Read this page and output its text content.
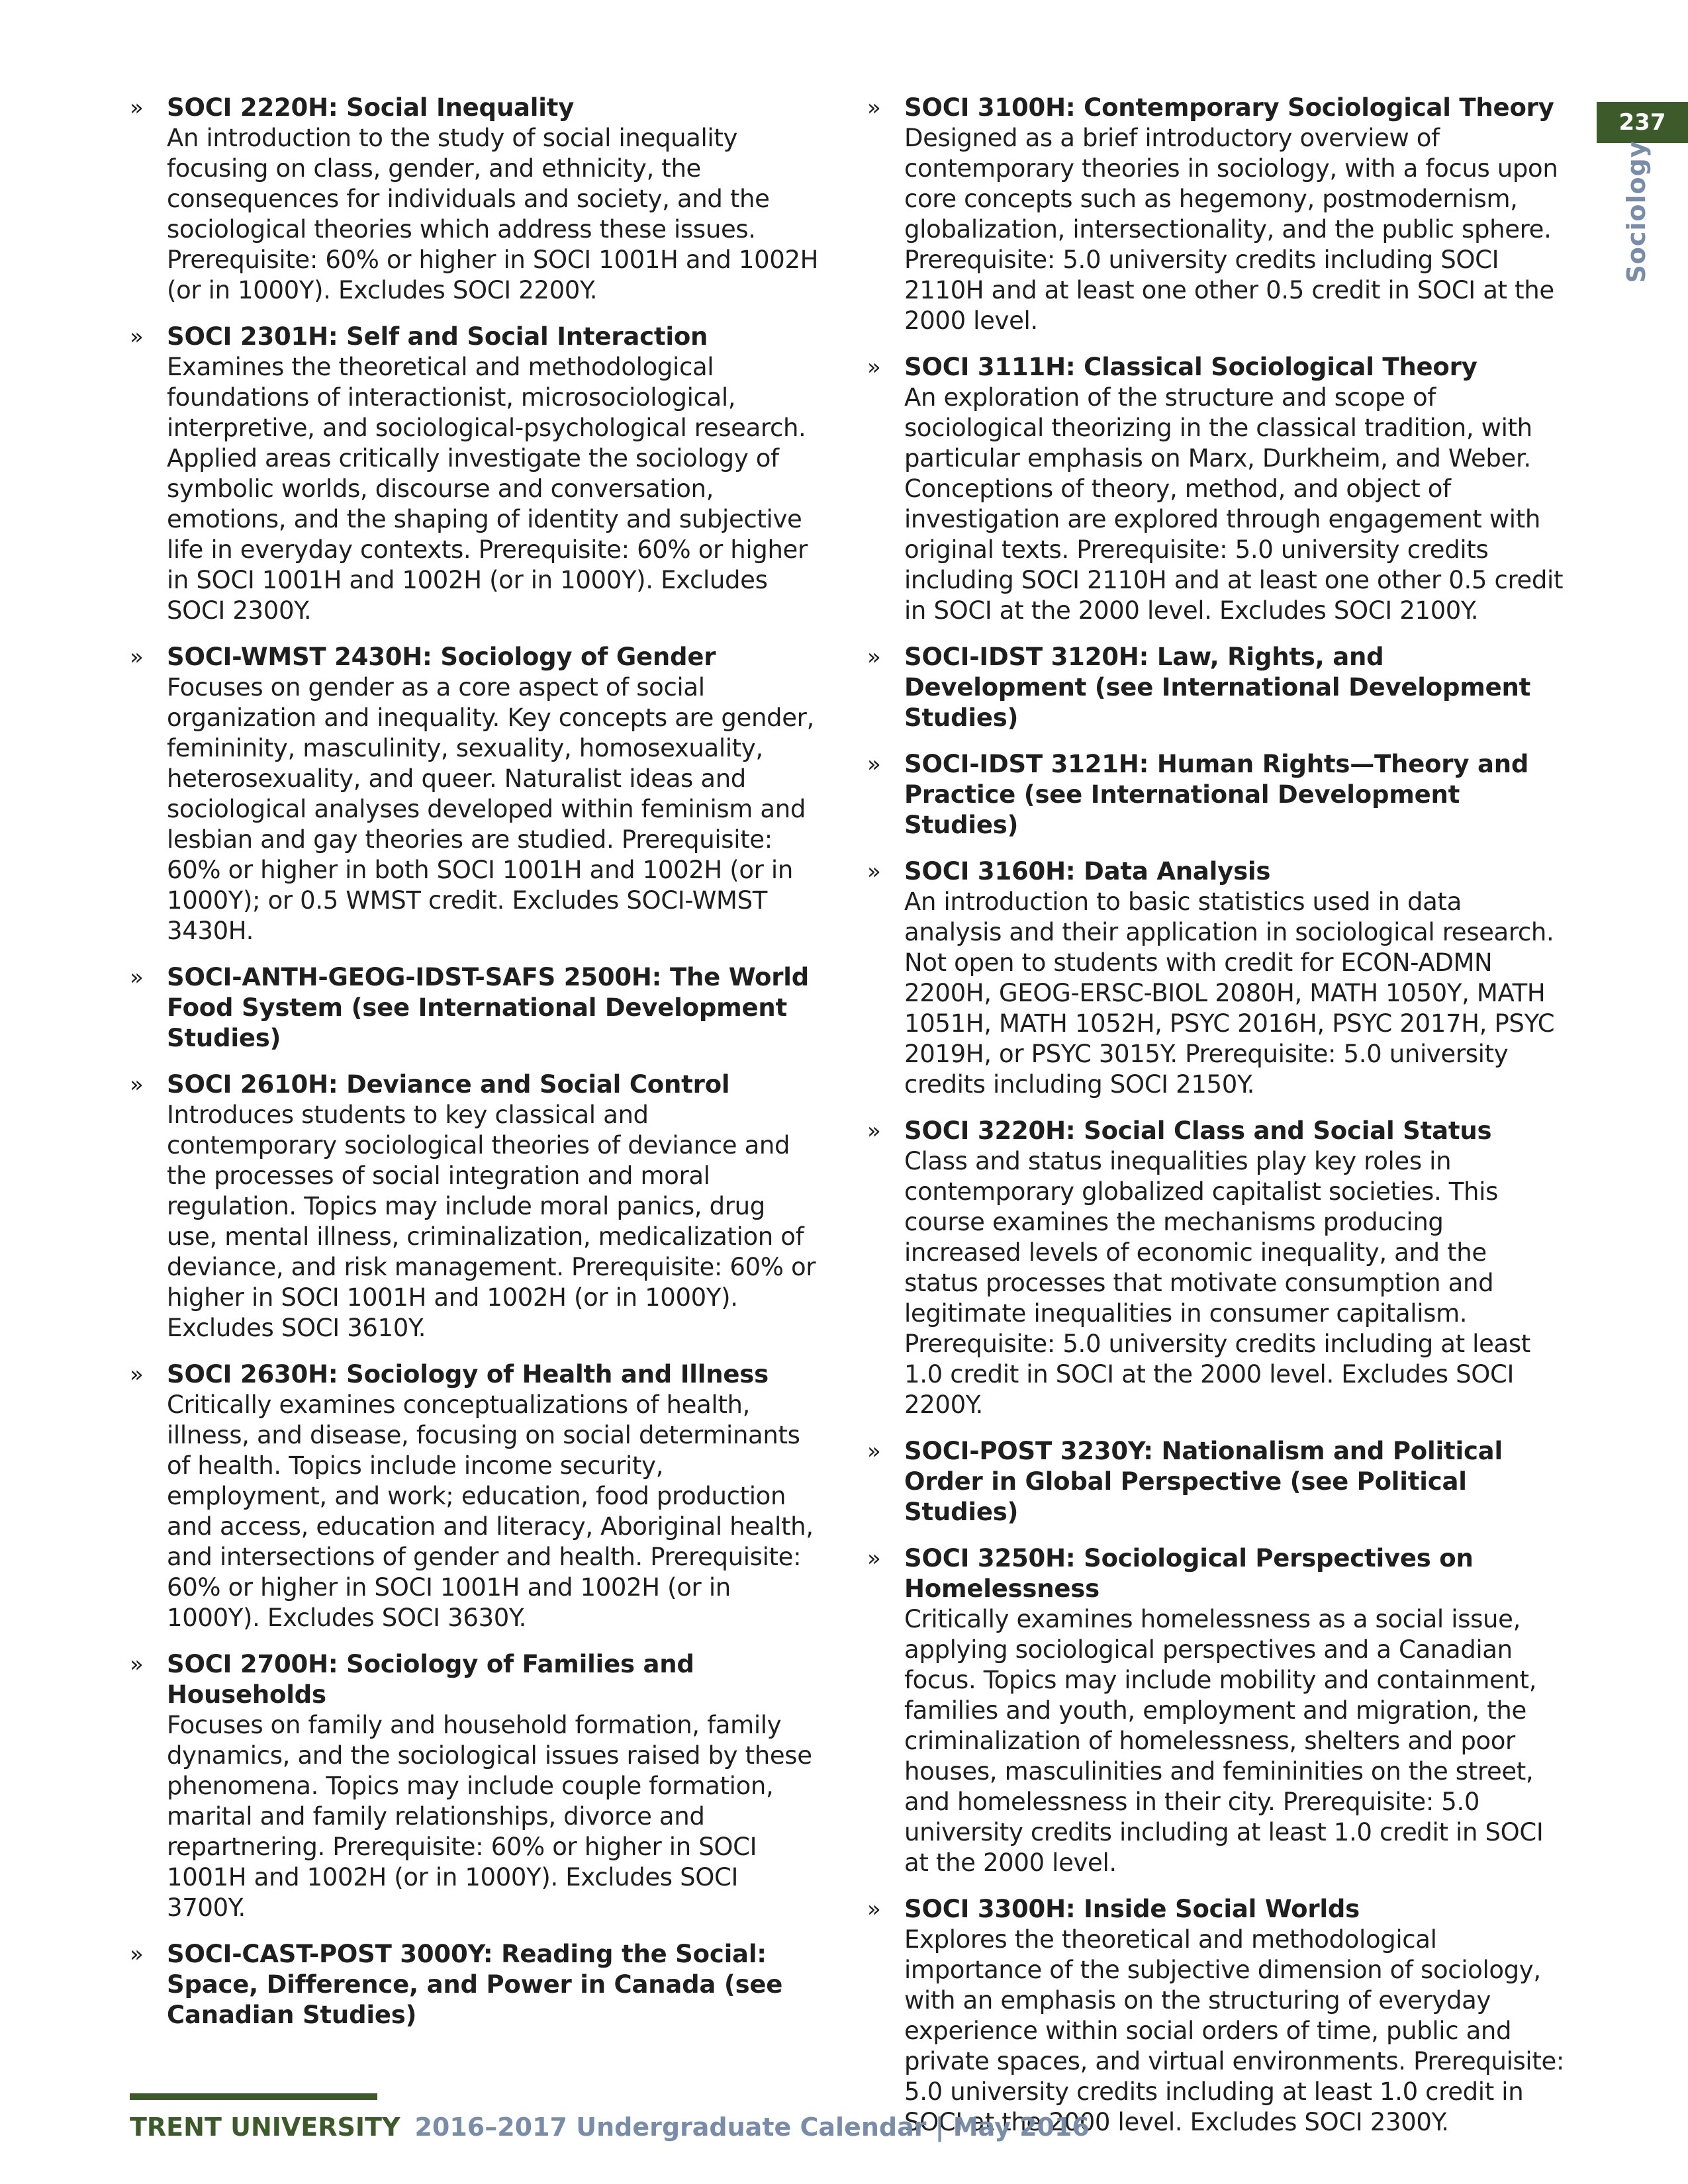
» SOCI 2220H: Social Inequality
An introduction to the study of social inequality focusing on class, gender, and ethnicity, the consequences for individuals and society, and the sociological theories which address these issues. Prerequisite: 60% or higher in SOCI 1001H and 1002H (or in 1000Y). Excludes SOCI 2200Y.
» SOCI 2301H: Self and Social Interaction
Examines the theoretical and methodological foundations of interactionist, microsociological, interpretive, and sociological-psychological research. Applied areas critically investigate the sociology of symbolic worlds, discourse and conversation, emotions, and the shaping of identity and subjective life in everyday contexts. Prerequisite: 60% or higher in SOCI 1001H and 1002H (or in 1000Y). Excludes SOCI 2300Y.
» SOCI-WMST 2430H: Sociology of Gender
Focuses on gender as a core aspect of social organization and inequality. Key concepts are gender, femininity, masculinity, sexuality, homosexuality, heterosexuality, and queer. Naturalist ideas and sociological analyses developed within feminism and lesbian and gay theories are studied. Prerequisite: 60% or higher in both SOCI 1001H and 1002H (or in 1000Y); or 0.5 WMST credit. Excludes SOCI-WMST 3430H.
» SOCI-ANTH-GEOG-IDST-SAFS 2500H: The World Food System (see International Development Studies)
» SOCI 2610H: Deviance and Social Control
Introduces students to key classical and contemporary sociological theories of deviance and the processes of social integration and moral regulation. Topics may include moral panics, drug use, mental illness, criminalization, medicalization of deviance, and risk management. Prerequisite: 60% or higher in SOCI 1001H and 1002H (or in 1000Y). Excludes SOCI 3610Y.
» SOCI 2630H: Sociology of Health and Illness
Critically examines conceptualizations of health, illness, and disease, focusing on social determinants of health. Topics include income security, employment, and work; education, food production and access, education and literacy, Aboriginal health, and intersections of gender and health. Prerequisite: 60% or higher in SOCI 1001H and 1002H (or in 1000Y). Excludes SOCI 3630Y.
» SOCI 2700H: Sociology of Families and Households
Focuses on family and household formation, family dynamics, and the sociological issues raised by these phenomena. Topics may include couple formation, marital and family relationships, divorce and repartnering. Prerequisite: 60% or higher in SOCI 1001H and 1002H (or in 1000Y). Excludes SOCI 3700Y.
» SOCI-CAST-POST 3000Y: Reading the Social: Space, Difference, and Power in Canada (see Canadian Studies)
» SOCI 3100H: Contemporary Sociological Theory
Designed as a brief introductory overview of contemporary theories in sociology, with a focus upon core concepts such as hegemony, postmodernism, globalization, intersectionality, and the public sphere. Prerequisite: 5.0 university credits including SOCI 2110H and at least one other 0.5 credit in SOCI at the 2000 level.
» SOCI 3111H: Classical Sociological Theory
An exploration of the structure and scope of sociological theorizing in the classical tradition, with particular emphasis on Marx, Durkheim, and Weber. Conceptions of theory, method, and object of investigation are explored through engagement with original texts. Prerequisite: 5.0 university credits including SOCI 2110H and at least one other 0.5 credit in SOCI at the 2000 level. Excludes SOCI 2100Y.
» SOCI-IDST 3120H: Law, Rights, and Development (see International Development Studies)
» SOCI-IDST 3121H: Human Rights—Theory and Practice (see International Development Studies)
» SOCI 3160H: Data Analysis
An introduction to basic statistics used in data analysis and their application in sociological research. Not open to students with credit for ECON-ADMN 2200H, GEOG-ERSC-BIOL 2080H, MATH 1050Y, MATH 1051H, MATH 1052H, PSYC 2016H, PSYC 2017H, PSYC 2019H, or PSYC 3015Y. Prerequisite: 5.0 university credits including SOCI 2150Y.
» SOCI 3220H: Social Class and Social Status
Class and status inequalities play key roles in contemporary globalized capitalist societies. This course examines the mechanisms producing increased levels of economic inequality, and the status processes that motivate consumption and legitimate inequalities in consumer capitalism. Prerequisite: 5.0 university credits including at least 1.0 credit in SOCI at the 2000 level. Excludes SOCI 2200Y.
» SOCI-POST 3230Y: Nationalism and Political Order in Global Perspective (see Political Studies)
» SOCI 3250H: Sociological Perspectives on Homelessness
Critically examines homelessness as a social issue, applying sociological perspectives and a Canadian focus. Topics may include mobility and containment, families and youth, employment and migration, the criminalization of homelessness, shelters and poor houses, masculinities and femininities on the street, and homelessness in their city. Prerequisite: 5.0 university credits including at least 1.0 credit in SOCI at the 2000 level.
» SOCI 3300H: Inside Social Worlds
Explores the theoretical and methodological importance of the subjective dimension of sociology, with an emphasis on the structuring of everyday experience within social orders of time, public and private spaces, and virtual environments. Prerequisite: 5.0 university credits including at least 1.0 credit in SOCI at the 2000 level. Excludes SOCI 2300Y.
237
Sociology
TRENT UNIVERSITY 2016–2017 Undergraduate Calendar | May 2016
